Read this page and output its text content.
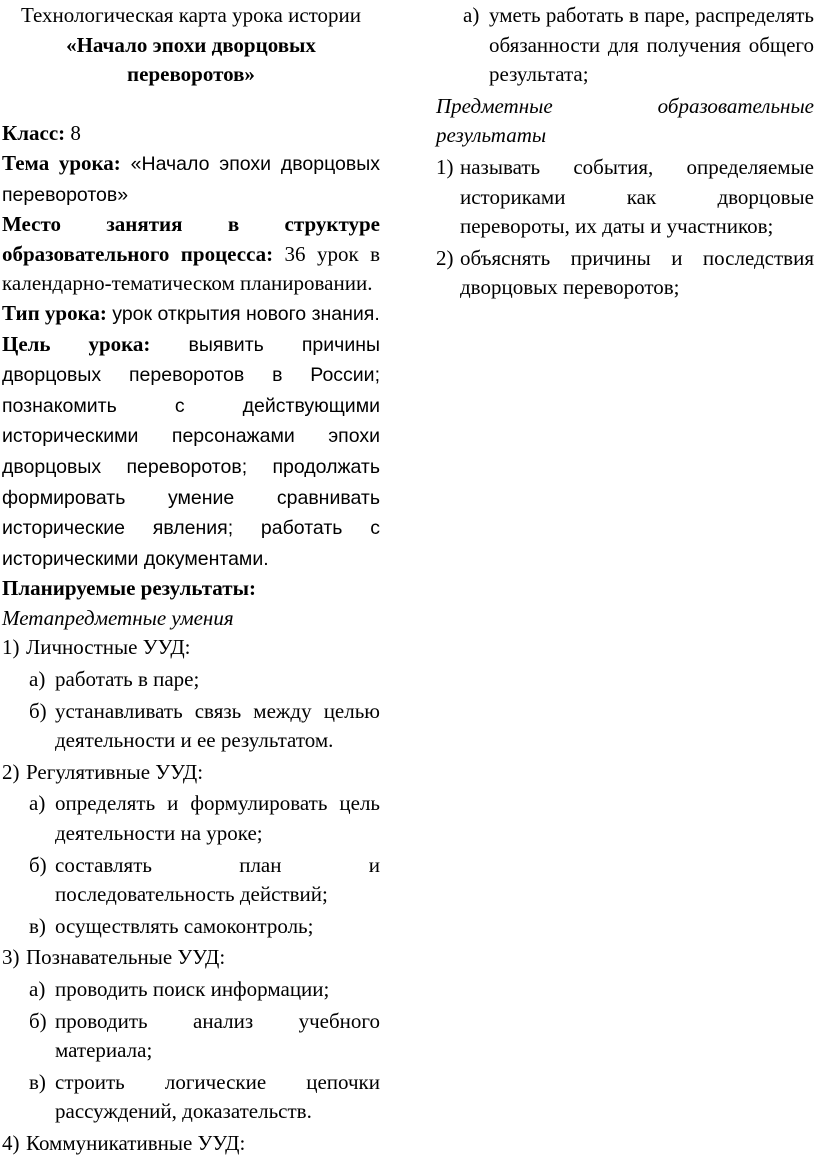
Технологическая карта урока истории

«Начало эпохи дворцовых

переворотов»

Класс: 8

Тема урока: «Начало эпохи дворцовых переворотов»

Место занятия в структуре образовательного процесса: 36 урок в календарно-тематическом планировании.

Тип урока: урок открытия нового знания.

Цель урока: выявить причины дворцовых переворотов в России; познакомить с действующими историческими персонажами эпохи дворцовых переворотов; продолжать формировать умение сравнивать исторические явления; работать с историческими документами.

Планируемые результаты:

Метапредметные умения

1) Личностные УУД:
а) работать в паре;
б) устанавливать связь между целью деятельности и ее результатом.
2) Регулятивные УУД:
а) определять и формулировать цель деятельности на уроке;
б) составлять план и последовательность действий;
в) осуществлять самоконтроль;
3) Познавательные УУД:
а) проводить поиск информации;
б) проводить анализ учебного материала;
в) строить логические цепочки рассуждений, доказательств.
4) Коммуникативные УУД:
а) уметь работать в паре, распределять обязанности для получения общего результата;

Предметные образовательные результаты

1) называть события, определяемые историками как дворцовые перевороты, их даты и участников;
2) объяснять причины и последствия дворцовых переворотов;
